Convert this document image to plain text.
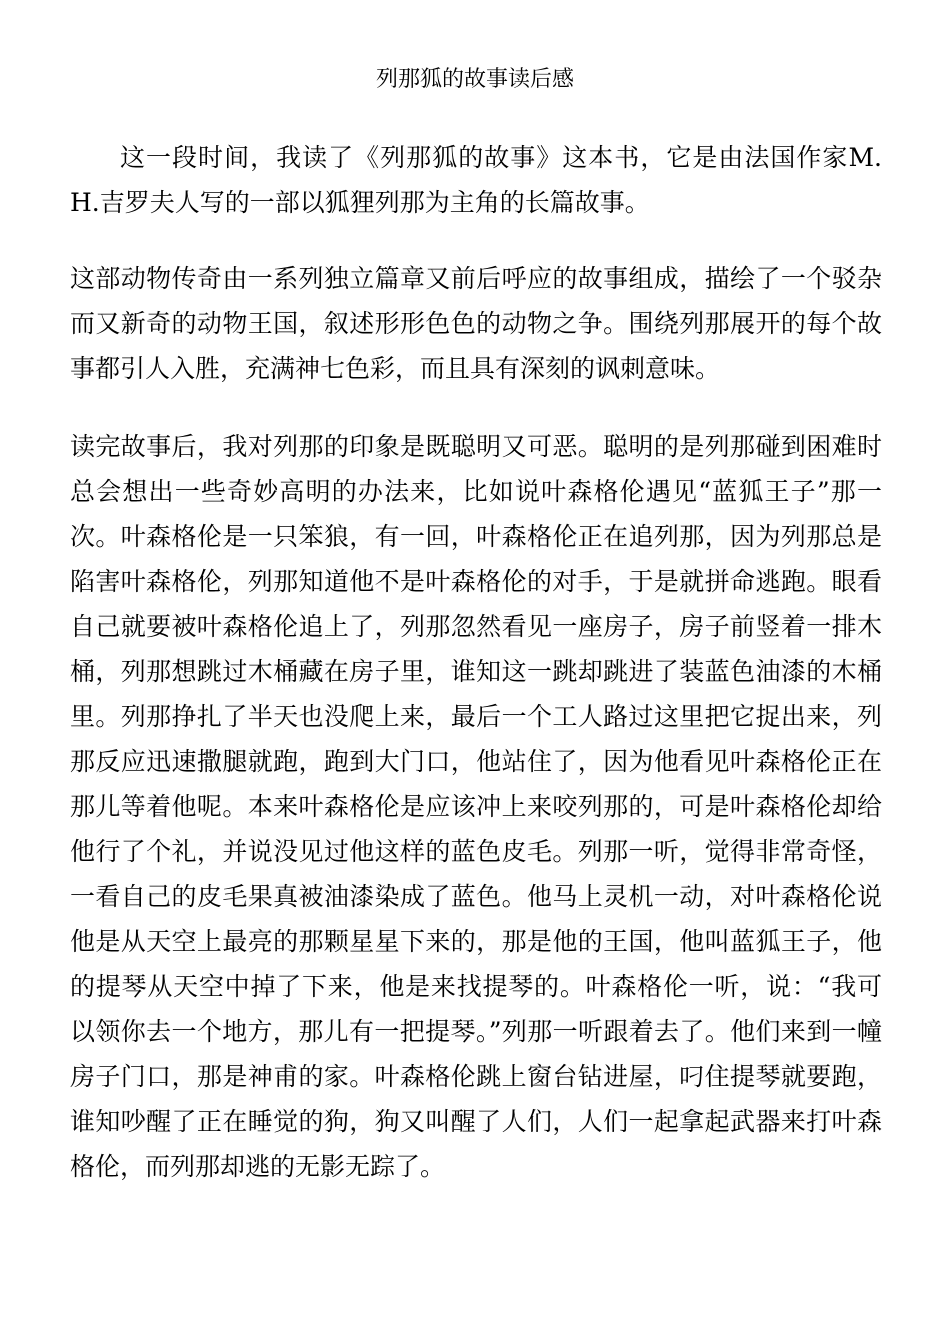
列那狐的故事读后感

这一段时间，我读了《列那狐的故事》这本书，它是由法国作家M.H.吉罗夫人写的一部以狐狸列那为主角的长篇故事。

这部动物传奇由一系列独立篇章又前后呼应的故事组成，描绘了一个驳杂而又新奇的动物王国，叙述形形色色的动物之争。围绕列那展开的每个故事都引人入胜，充满神七色彩，而且具有深刻的讽刺意味。

读完故事后，我对列那的印象是既聪明又可恶。聪明的是列那碰到困难时总会想出一些奇妙高明的办法来，比如说叶森格伦遇见“蓝狐王子”那一次。叶森格伦是一只笨狼，有一回，叶森格伦正在追列那，因为列那总是陷害叶森格伦，列那知道他不是叶森格伦的对手，于是就拼命逃跑。眼看自己就要被叶森格伦追上了，列那忽然看见一座房子，房子前竖着一排木桶，列那想跳过木桶藏在房子里，谁知这一跳却跳进了装蓝色油漆的木桶里。列那挣扎了半天也没爬上来，最后一个工人路过这里把它捉出来，列那反应迅速撒腿就跑，跑到大门口，他站住了，因为他看见叶森格伦正在那儿等着他呢。本来叶森格伦是应该冲上来咬列那的，可是叶森格伦却给他行了个礼，并说没见过他这样的蓝色皮毛。列那一听，觉得非常奇怪，一看自己的皮毛果真被油漆染成了蓝色。他马上灵机一动，对叶森格伦说他是从天空上最亮的那颗星星下来的，那是他的王国，他叫蓝狐王子，他的提琴从天空中掉了下来，他是来找提琴的。叶森格伦一听，说：“我可以领你去一个地方，那儿有一把提琴。”列那一听跟着去了。他们来到一幢房子门口，那是神甫的家。叶森格伦跳上窗台钻进屋，叼住提琴就要跑，谁知吵醒了正在睡觉的狗，狗又叫醒了人们，人们一起拿起武器来打叶森格伦，而列那却逃的无影无踪了。
